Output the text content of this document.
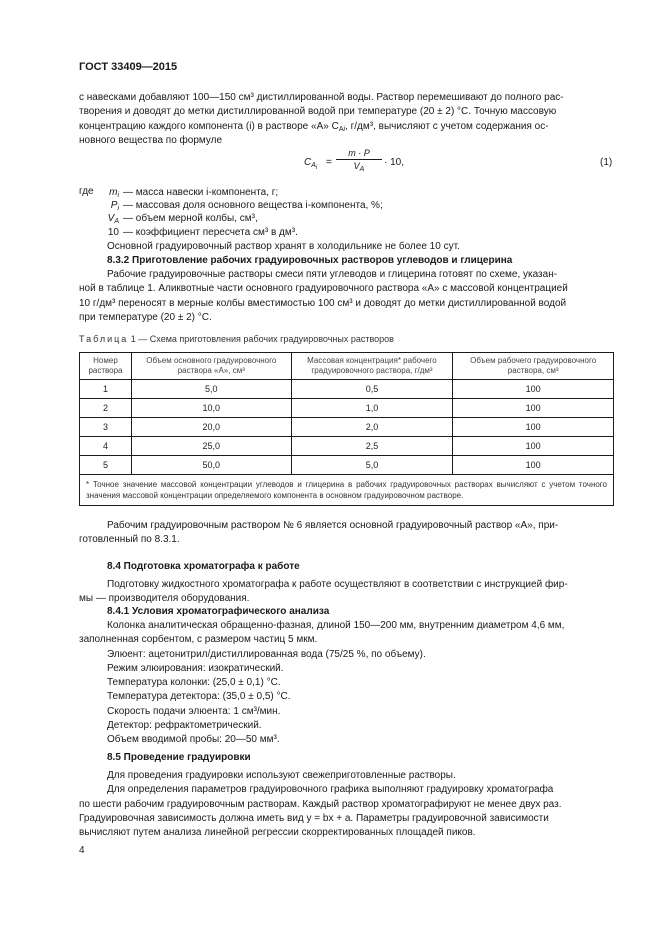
ГОСТ 33409—2015
с навесками добавляют 100—150 см³ дистиллированной воды. Раствор перемешивают до полного рас-
творения и доводят до метки дистиллированной водой при температуре (20 ± 2) °С. Точную массовую
концентрацию каждого компонента (i) в растворе «А» $C_{Ai}$, г/дм³, вычисляют с учетом содержания ос-
новного вещества по формуле
$C_{A_i} = \frac{m \cdot P}{V_A} \cdot 10$,	(1)
где	$m_i$ — масса навески i-компонента, г;
$P_i$ — массовая доля основного вещества i-компонента, %;
$V_A$ — объем мерной колбы, см³,
10 — коэффициент пересчета см³ в дм³.
Основной градуировочный раствор хранят в холодильнике не более 10 сут.
8.3.2 Приготовление рабочих градуировочных растворов углеводов и глицерина
Рабочие градуировочные растворы смеси пяти углеводов и глицерина готовят по схеме, указан-
ной в таблице 1. Аликвотные части основного градуировочного раствора «А» с массовой концентрацией
10 г/дм³ переносят в мерные колбы вместимостью 100 см³ и доводят до метки дистиллированной водой
при температуре (20 ± 2) °С.
Таблица 1 — Схема приготовления рабочих градуировочных растворов
Номер раствора	Объем основного градуировочного раствора «А», см³	Массовая концентрация* рабочего градуировочного раствора, г/дм³	Объем рабочего градуировочного раствора, см³
1	5,0	0,5	100
2	10,0	1,0	100
3	20,0	2,0	100
4	25,0	2,5	100
5	50,0	5,0	100
* Точное значение массовой концентрации углеводов и глицерина в рабочих градуировочных растворах вычисляют с учетом точного значения массовой концентрации определяемого компонента в основном градуировочном растворе.			
Рабочим градуировочным раствором № 6 является основной градуировочный раствор «А», при-
готовленный по 8.3.1.
8.4 Подготовка хроматографа к работе
Подготовку жидкостного хроматографа к работе осуществляют в соответствии с инструкцией фир-
мы — производителя оборудования.
8.4.1 Условия хроматографического анализа
Колонка аналитическая обращенно-фазная, длиной 150—200 мм, внутренним диаметром 4,6 мм,
заполненная сорбентом, с размером частиц 5 мкм.
Элюент: ацетонитрил/дистиллированная вода (75/25 %, по объему).
Режим элюирования: изократический.
Температура колонки: (25,0 ± 0,1) °С.
Температура детектора: (35,0 ± 0,5) °С.
Скорость подачи элюента: 1 см³/мин.
Детектор: рефрактометрический.
Объем вводимой пробы: 20—50 мм³.
8.5 Проведение градуировки
Для проведения градуировки используют свежеприготовленные растворы.
Для определения параметров градуировочного графика выполняют градуировку хроматографа
по шести рабочим градуировочным растворам. Каждый раствор хроматографируют не менее двух раз.
Градуировочная зависимость должна иметь вид y = bx + a. Параметры градуировочной зависимости
вычисляют путем анализа линейной регрессии скорректированных площадей пиков.
4
